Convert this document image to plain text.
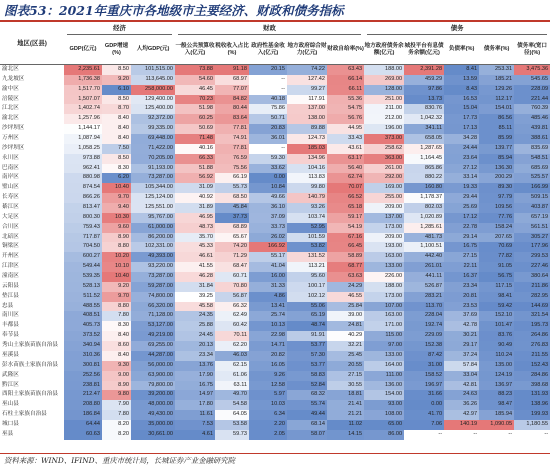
图表53：2021年重庆市各地级市主要经济、财政和债务指标
地区(区县)	经济			财政					债务				
	GDP(亿元)	GDP增速(%)	人均GDP(元)	一般公共预算收入(亿元)	税收收入占比(%)	政府性基金收入(亿元)	地方政府综合财力(亿元)	财政自给率(%)	地方政府债务余额(亿元)	城投平台有息债务余额(亿元)	负债率(%)	债务率(%)	债务率(宽口径)(%)
渝北区	2,235.61	8.50	101,515.00	73.88	91.18	20.15	74.22	63.43	188.00	2,391.28	8.41	253.31	3,475.36
九龙坡区	1,736.38	9.20	113,645.00	54.60	68.97	--	127.42	66.14	269.00	459.29	13.59	185.21	545.65
渝中区	1,517.70	6.10	258,000.00	46.45	77.07	--	99.27	66.11	128.00	97.86	8.43	129.26	228.09
涪陵区	1,507.07	8.50	129,400.00	70.23	84.82	40.18	117.91	55.36	251.00	13.73	16.53	112.17	221.44
江北区	1,402.74	8.70	125,400.00	51.98	80.44	75.86	137.00	54.75	211.00	830.76	15.04	154.01	760.39
渝北区	1,257.96	8.40	92,372.00	60.25	83.64	50.71	138.00	56.76	212.00	1,042.32	17.73	86.56	485.46
沙坪坝区	1,144.17	8.40	99,335.00	50.69	77.81	20.83	89.88	44.95	196.00	341.11	17.13	85.11	439.81
万州区	1,087.94	8.40	69,448.00	71.48	74.91	36.01	124.73	33.43	373.00	658.05	34.28	85.99	388.61
沙坪坝区	1,058.25	7.50	71,422.00	40.16	77.81	--	185.03	43.61	258.62	1,287.65	24.44	139.77	835.69
永川区	973.88	8.50	70,205.00	66.33	76.59	59.30	134.96	63.17	363.00	1,164.45	23.64	85.94	548.51
巴南区	962.41	8.30	91,193.00	51.88	75.56	33.62	104.16	56.40	261.00	865.86	27.12	136.30	685.69
南岸区	880.98	6.20	73,287.00	56.92	66.19	0.00	113.83	62.74	292.00	880.22	33.14	200.29	525.57
璧山区	874.54	10.40	105,344.00	31.09	55.73	10.84	99.80	70.07	169.00	160.80	19.33	89.30	166.99
长寿区	866.26	9.70	125,124.00	40.92	68.50	49.66	140.79	66.52	255.00	1,178.37	29.44	97.79	509.15
綦江区	813.47	9.40	125,551.00	31.89	45.84	36.10	93.26	65.18	209.00	802.03	25.69	109.56	403.87
大足区	800.30	10.30	95,767.00	46.95	37.73	37.09	103.74	59.17	137.00	1,020.89	17.12	77.76	657.19
合川区	759.43	9.60	61,000.00	48.73	68.89	33.73	52.95	54.19	173.00	1,285.61	22.78	158.24	561.51
北碚区	717.87	8.90	86,200.00	35.70	65.67	26.02	101.59	67.16	209.00	481.73	29.14	207.65	305.27
铜梁区	704.50	8.80	102,331.00	45.33	74.20	166.92	53.82	66.45	193.00	1,100.51	16.75	70.69	177.96
开州区	600.27	10.20	49,393.00	46.61	71.29	55.17	131.52	58.89	163.00	442.40	27.15	77.82	299.53
江津区	549.44	10.10	93,220.00	41.55	68.47	41.04	113.21	68.77	133.00	261.01	22.11	91.05	227.46
潼南区	539.35	10.40	73,287.00	46.28	60.71	16.00	95.60	63.63	226.00	441.11	16.37	56.75	380.64
云阳县	528.13	9.20	59,287.00	31.84	70.80	31.33	100.17	24.29	188.00	526.87	23.34	117.15	211.86
垫江县	511.52	9.70	74,800.00	39.25	56.87	4.86	102.12	46.55	173.00	283.21	20.81	98.41	282.95
忠县	488.55	8.80	66,320.00	45.58	66.32	13.41	55.06	25.84	107.00	113.70	23.53	59.42	144.69
南川区	408.51	7.80	71,128.00	24.35	62.49	25.74	65.19	39.00	163.00	228.04	37.69	152.10	321.54
丰都县	405.73	8.30	53,127.00	25.88	60.42	10.13	48.74	24.81	171.00	192.74	42.78	101.47	195.73
奉节县	373.52	8.40	49,219.00	24.45	70.11	22.98	91.91	40.29	115.00	229.09	30.21	83.76	264.86
秀山土家族苗族自治县	340.94	8.60	69,255.00	20.13	62.20	14.71	53.77	32.21	97.00	152.38	29.17	90.49	276.83
巫溪县	310.36	8.40	44,287.00	23.34	46.03	20.82	57.30	25.45	133.00	87.42	37.24	110.24	211.55
彭水苗族土家族自治县	300.81	9.30	56,000.00	13.76	62.15	16.05	53.77	20.55	164.00	31.00	57.84	135.00	152.43
武隆区	252.56	9.00	63,900.00	17.90	61.06	9.26	58.83	27.15	111.00	158.52	33.04	124.19	284.86
黔江区	238.81	8.90	79,800.00	16.75	63.11	12.58	52.84	30.55	136.00	196.97	42.81	136.97	398.68
酉阳土家族苗族自治县	212.47	9.80	39,200.00	14.97	49.70	5.97	68.32	18.81	154.00	31.66	24.63	88.23	131.93
巫山县	208.80	7.90	48,000.00	17.80	54.58	10.03	55.74	21.41	93.00	0.00	36.26	98.47	138.96
石柱土家族自治县	186.84	7.80	49,430.00	11.61	64.05	6.34	49.44	21.21	108.00	41.70	42.97	185.94	199.93
城口县	64.44	8.20	35,000.00	7.53	53.58	2.20	68.14	11.02	65.00	7.06	140.19	1,090.05	1,180.55
巫县	60.63	8.20	30,661.00	4.61	59.73	2.05	58.07	14.15	86.00	--	--	--	--
资料来源：WIND、IFIND、重庆市统计局，长城证券产业金融研究院
